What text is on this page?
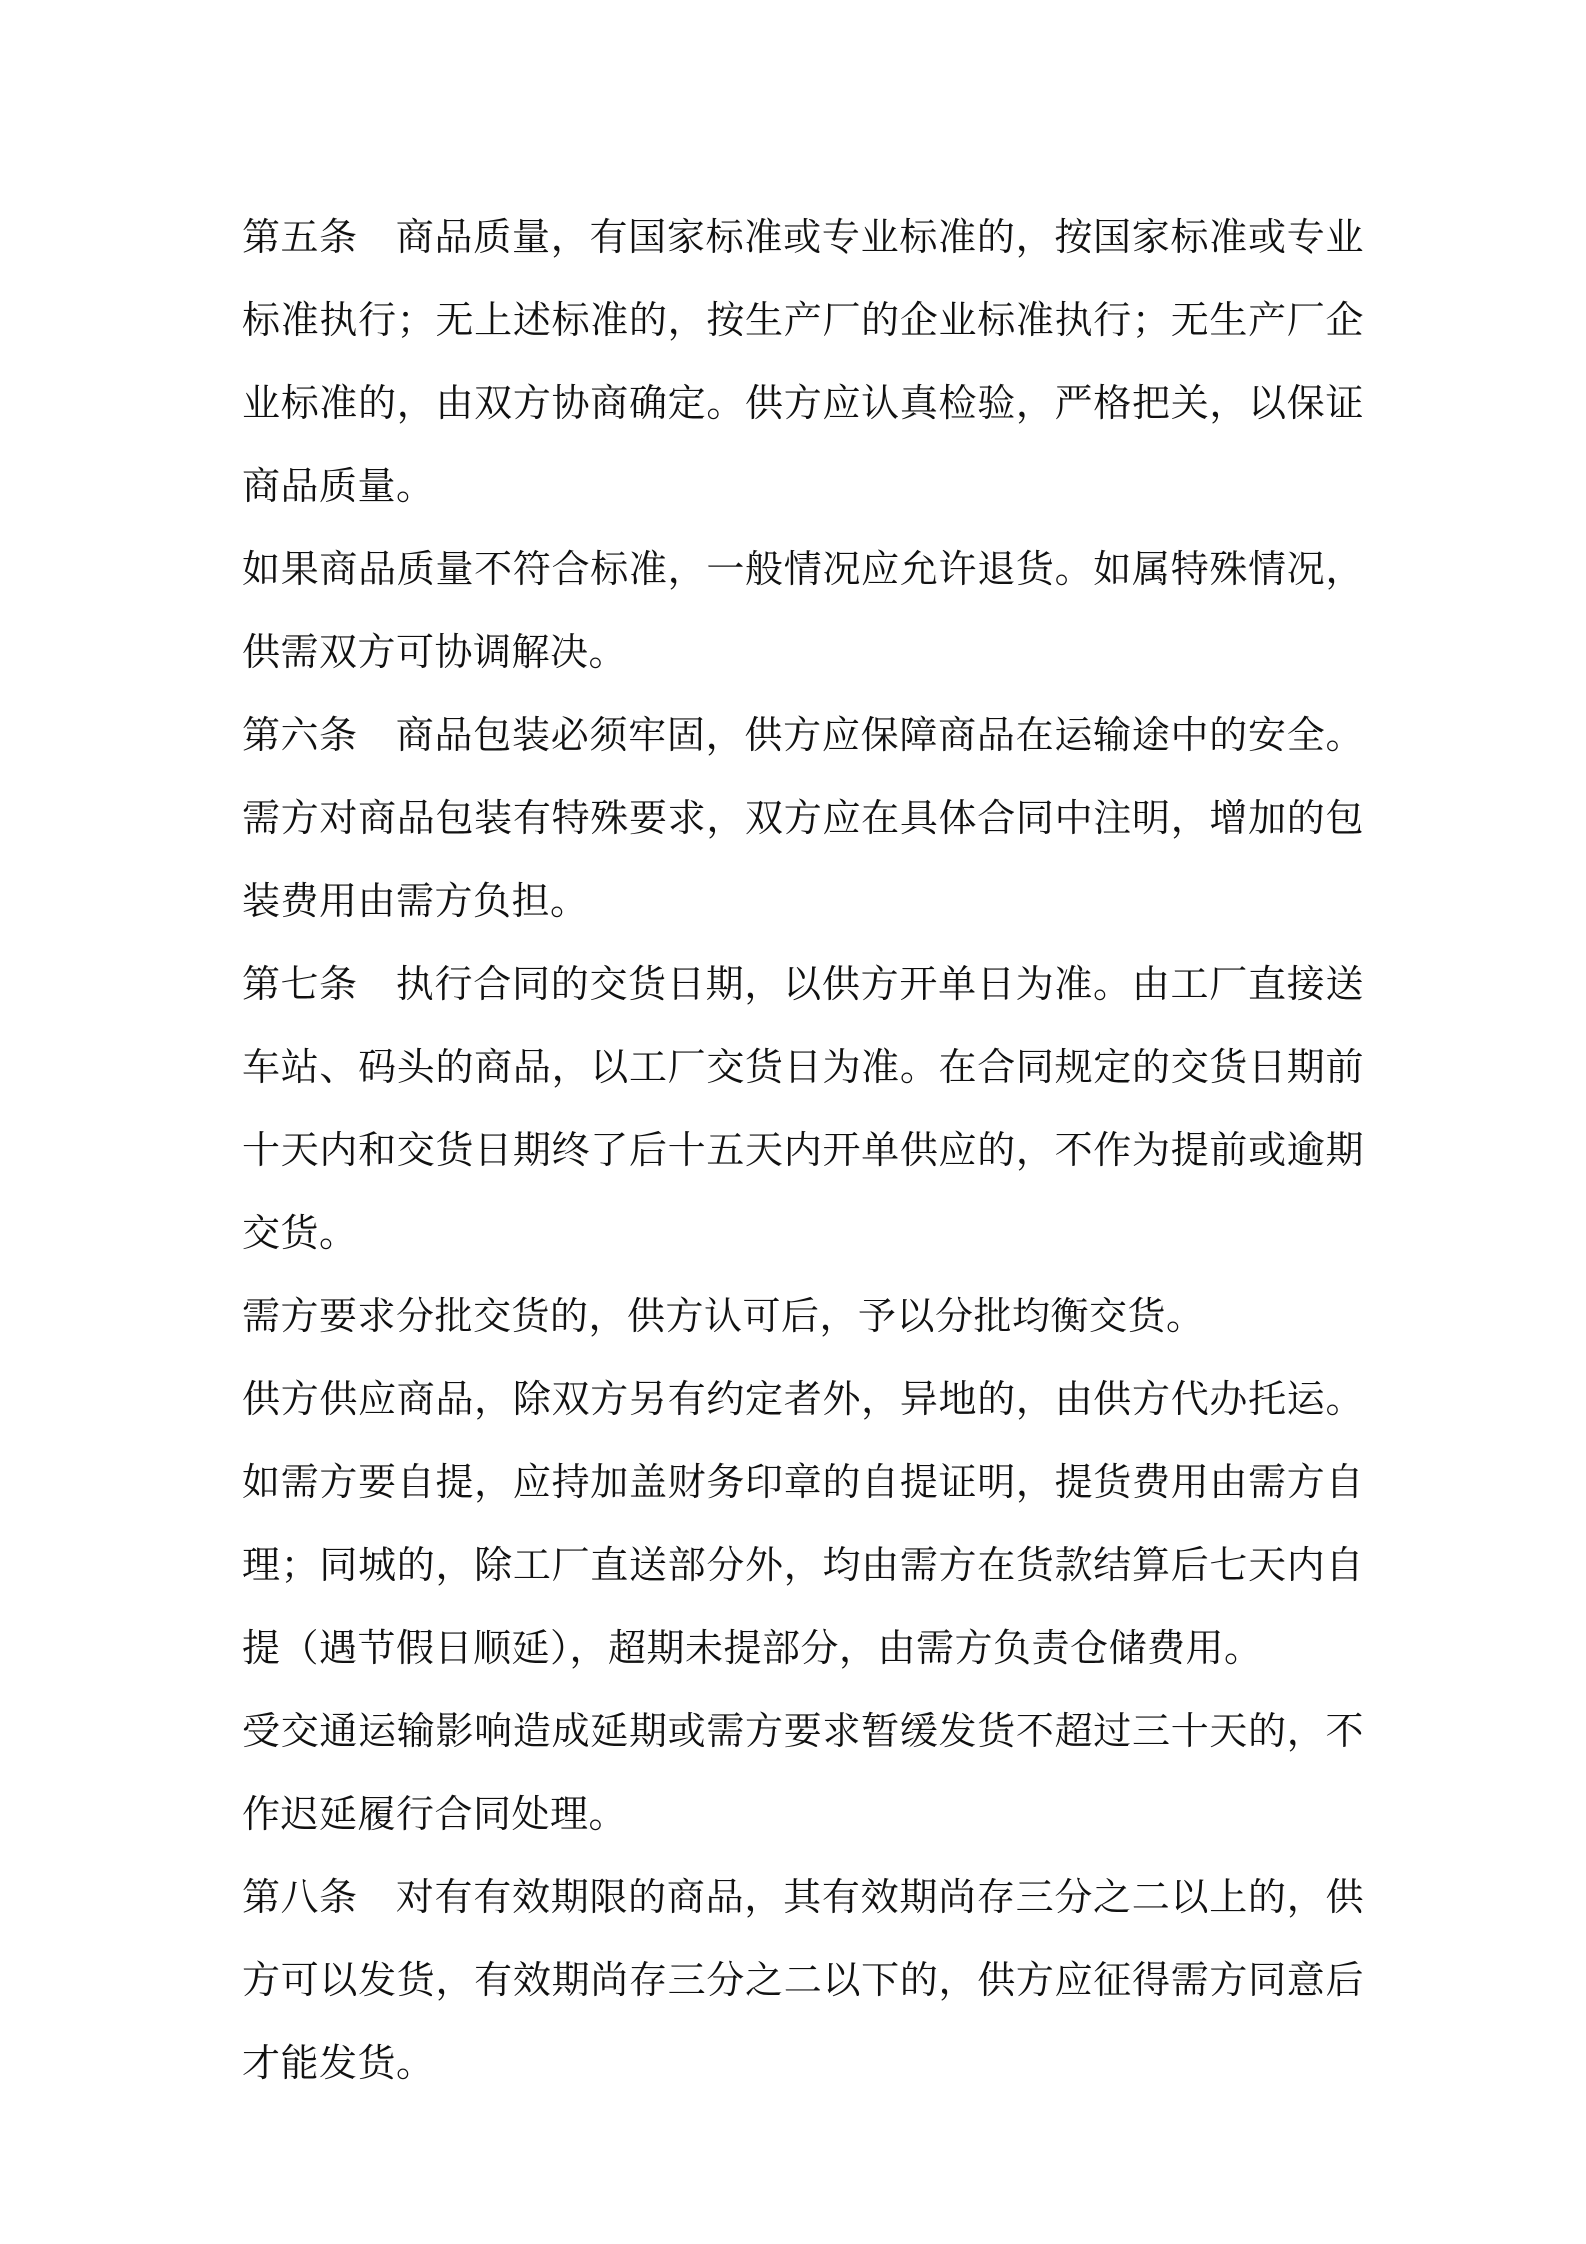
第五条 商品质量，有国家标准或专业标准的，按国家标准或专业标准执行；无上述标准的，按生产厂的企业标准执行；无生产厂企业标准的，由双方协商确定。供方应认真检验，严格把关，以保证商品质量。

如果商品质量不符合标准，一般情况应允许退货。如属特殊情况，供需双方可协调解决。

第六条 商品包装必须牢固，供方应保障商品在运输途中的安全。需方对商品包装有特殊要求，双方应在具体合同中注明，增加的包装费用由需方负担。

第七条 执行合同的交货日期，以供方开单日为准。由工厂直接送车站、码头的商品，以工厂交货日为准。在合同规定的交货日期前十天内和交货日期终了后十五天内开单供应的，不作为提前或逾期交货。

需方要求分批交货的，供方认可后，予以分批均衡交货。

供方供应商品，除双方另有约定者外，异地的，由供方代办托运。如需方要自提，应持加盖财务印章的自提证明，提货费用由需方自理；同城的，除工厂直送部分外，均由需方在货款结算后七天内自提（遇节假日顺延），超期未提部分，由需方负责仓储费用。

受交通运输影响造成延期或需方要求暂缓发货不超过三十天的，不作迟延履行合同处理。

第八条 对有有效期限的商品，其有效期尚存三分之二以上的，供方可以发货，有效期尚存三分之二以下的，供方应征得需方同意后才能发货。
